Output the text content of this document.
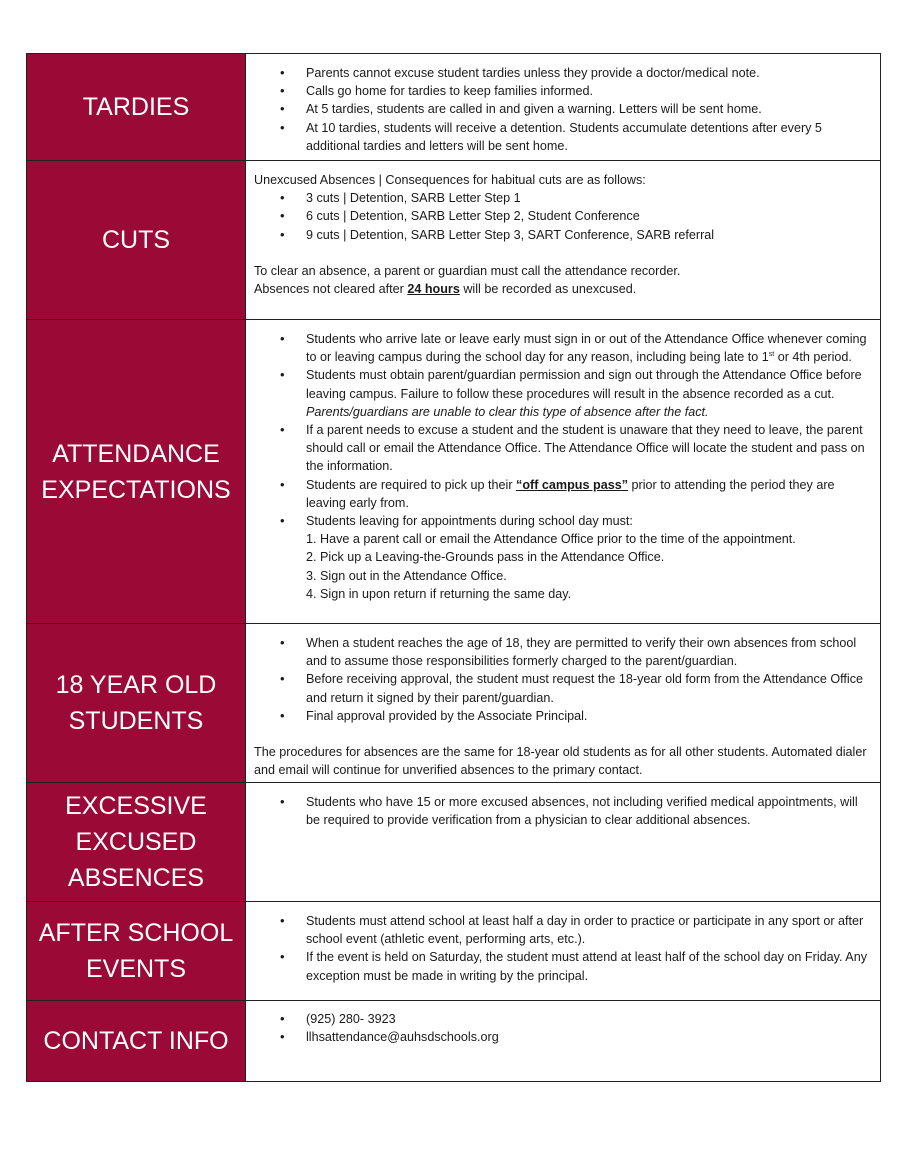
TARDIES
• Parents cannot excuse student tardies unless they provide a doctor/medical note.
• Calls go home for tardies to keep families informed.
• At 5 tardies, students are called in and given a warning. Letters will be sent home.
• At 10 tardies, students will receive a detention. Students accumulate detentions after every 5 additional tardies and letters will be sent home.
CUTS

Unexcused Absences | Consequences for habitual cuts are as follows:

• 3 cuts | Detention, SARB Letter Step 1
• 6 cuts | Detention, SARB Letter Step 2, Student Conference
• 9 cuts | Detention, SARB Letter Step 3, SART Conference, SARB referral

To clear an absence, a parent or guardian must call the attendance recorder.

Absences not cleared after 24 hours will be recorded as unexcused.

ATTENDANCE
EXPECTATIONS
• Students who arrive late or leave early must sign in or out of the Attendance Office whenever coming to or leaving campus during the school day for any reason, including being late to 1st or 4th period.
• Students must obtain parent/guardian permission and sign out through the Attendance Office before leaving campus. Failure to follow these procedures will result in the absence recorded as a cut. Parents/guardians are unable to clear this type of absence after the fact.
• If a parent needs to excuse a student and the student is unaware that they need to leave, the parent should call or email the Attendance Office. The Attendance Office will locate the student and pass on the information.
• Students are required to pick up their “off campus pass” prior to attending the period they are leaving early from.
• Students leaving for appointments during school day must:
1. Have a parent call or email the Attendance Office prior to the time of the appointment.
2. Pick up a Leaving-the-Grounds pass in the Attendance Office.
3. Sign out in the Attendance Office.
4. Sign in upon return if returning the same day.
18 YEAR OLD
STUDENTS
• When a student reaches the age of 18, they are permitted to verify their own absences from school and to assume those responsibilities formerly charged to the parent/guardian.
• Before receiving approval, the student must request the 18-year old form from the Attendance Office and return it signed by their parent/guardian.
• Final approval provided by the Associate Principal.

The procedures for absences are the same for 18-year old students as for all other students. Automated dialer and email will continue for unverified absences to the primary contact.

EXCESSIVE
EXCUSED
ABSENCES
• Students who have 15 or more excused absences, not including verified medical appointments, will be required to provide verification from a physician to clear additional absences.
AFTER SCHOOL
EVENTS
• Students must attend school at least half a day in order to practice or participate in any sport or after school event (athletic event, performing arts, etc.).
• If the event is held on Saturday, the student must attend at least half of the school day on Friday. Any exception must be made in writing by the principal.
CONTACT INFO
• (925) 280- 3923
• llhsattendance@auhsdschools.org
